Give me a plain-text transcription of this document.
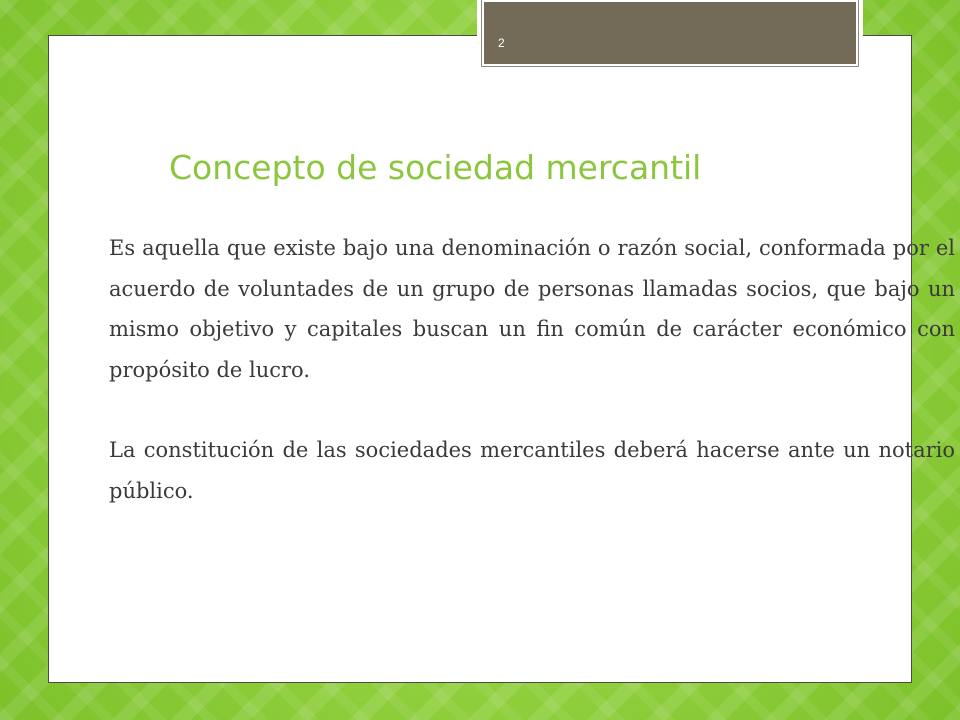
Concepto de sociedad mercantil

Es aquella que existe bajo una denominación o razón social, conformada por el acuerdo de voluntades de un grupo de personas llamadas socios, que bajo un mismo objetivo y capitales buscan un fin común de carácter económico con propósito de lucro.

La constitución de las sociedades mercantiles deberá hacerse ante un notario público.

2
